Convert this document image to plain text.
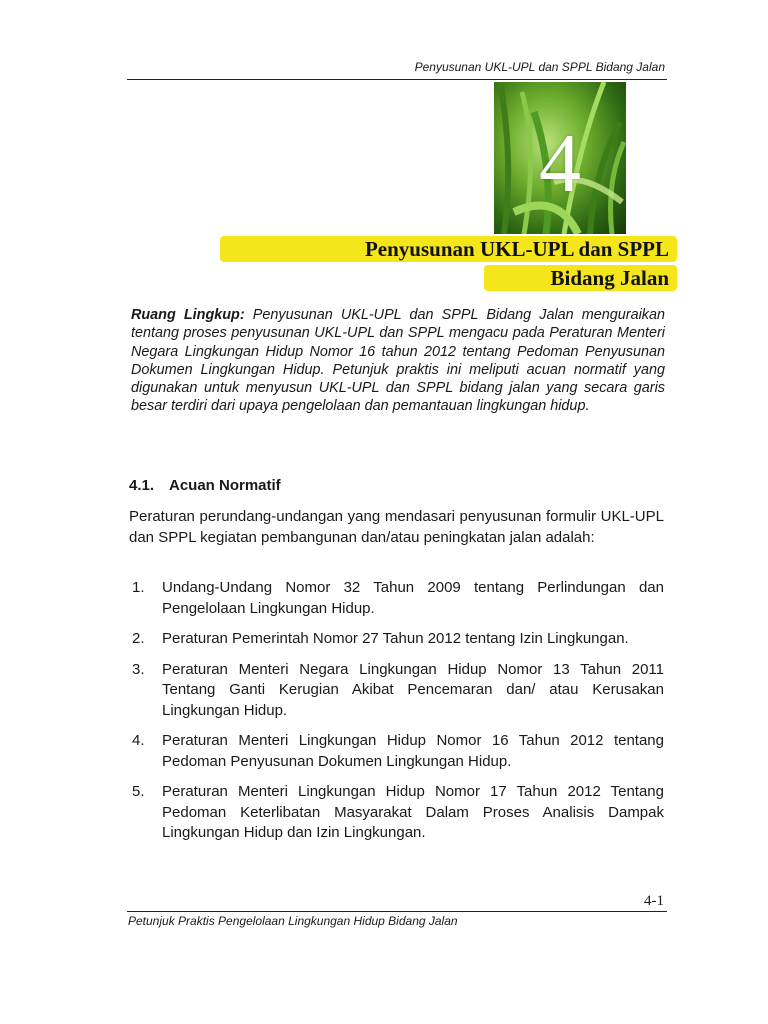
Penyusunan UKL-UPL dan SPPL Bidang Jalan
4
Penyusunan UKL-UPL dan SPPL
Bidang Jalan
Ruang Lingkup: Penyusunan UKL-UPL dan SPPL Bidang Jalan menguraikan tentang proses penyusunan UKL-UPL dan SPPL mengacu pada Peraturan Menteri Negara Lingkungan Hidup Nomor 16 tahun 2012 tentang Pedoman Penyusunan Dokumen Lingkungan Hidup. Petunjuk praktis ini meliputi acuan normatif yang digunakan untuk menyusun UKL-UPL dan SPPL bidang jalan yang secara garis besar terdiri dari upaya pengelolaan dan pemantauan lingkungan hidup.
4.1. Acuan Normatif
Peraturan perundang-undangan yang mendasari penyusunan formulir UKL-UPL dan SPPL kegiatan pembangunan dan/atau peningkatan jalan adalah:
1.	Undang-Undang Nomor 32 Tahun 2009 tentang Perlindungan dan Pengelolaan Lingkungan Hidup.
2.	Peraturan Pemerintah Nomor 27 Tahun 2012 tentang Izin Lingkungan.
3.	Peraturan Menteri Negara Lingkungan Hidup Nomor 13 Tahun 2011 Tentang Ganti Kerugian Akibat Pencemaran dan/ atau Kerusakan Lingkungan Hidup.
4.	Peraturan Menteri Lingkungan Hidup Nomor 16 Tahun 2012 tentang Pedoman Penyusunan Dokumen Lingkungan Hidup.
5.	Peraturan Menteri Lingkungan Hidup Nomor 17 Tahun 2012 Tentang Pedoman Keterlibatan Masyarakat Dalam Proses Analisis Dampak Lingkungan Hidup dan Izin Lingkungan.
4-1
Petunjuk Praktis Pengelolaan Lingkungan Hidup Bidang Jalan
